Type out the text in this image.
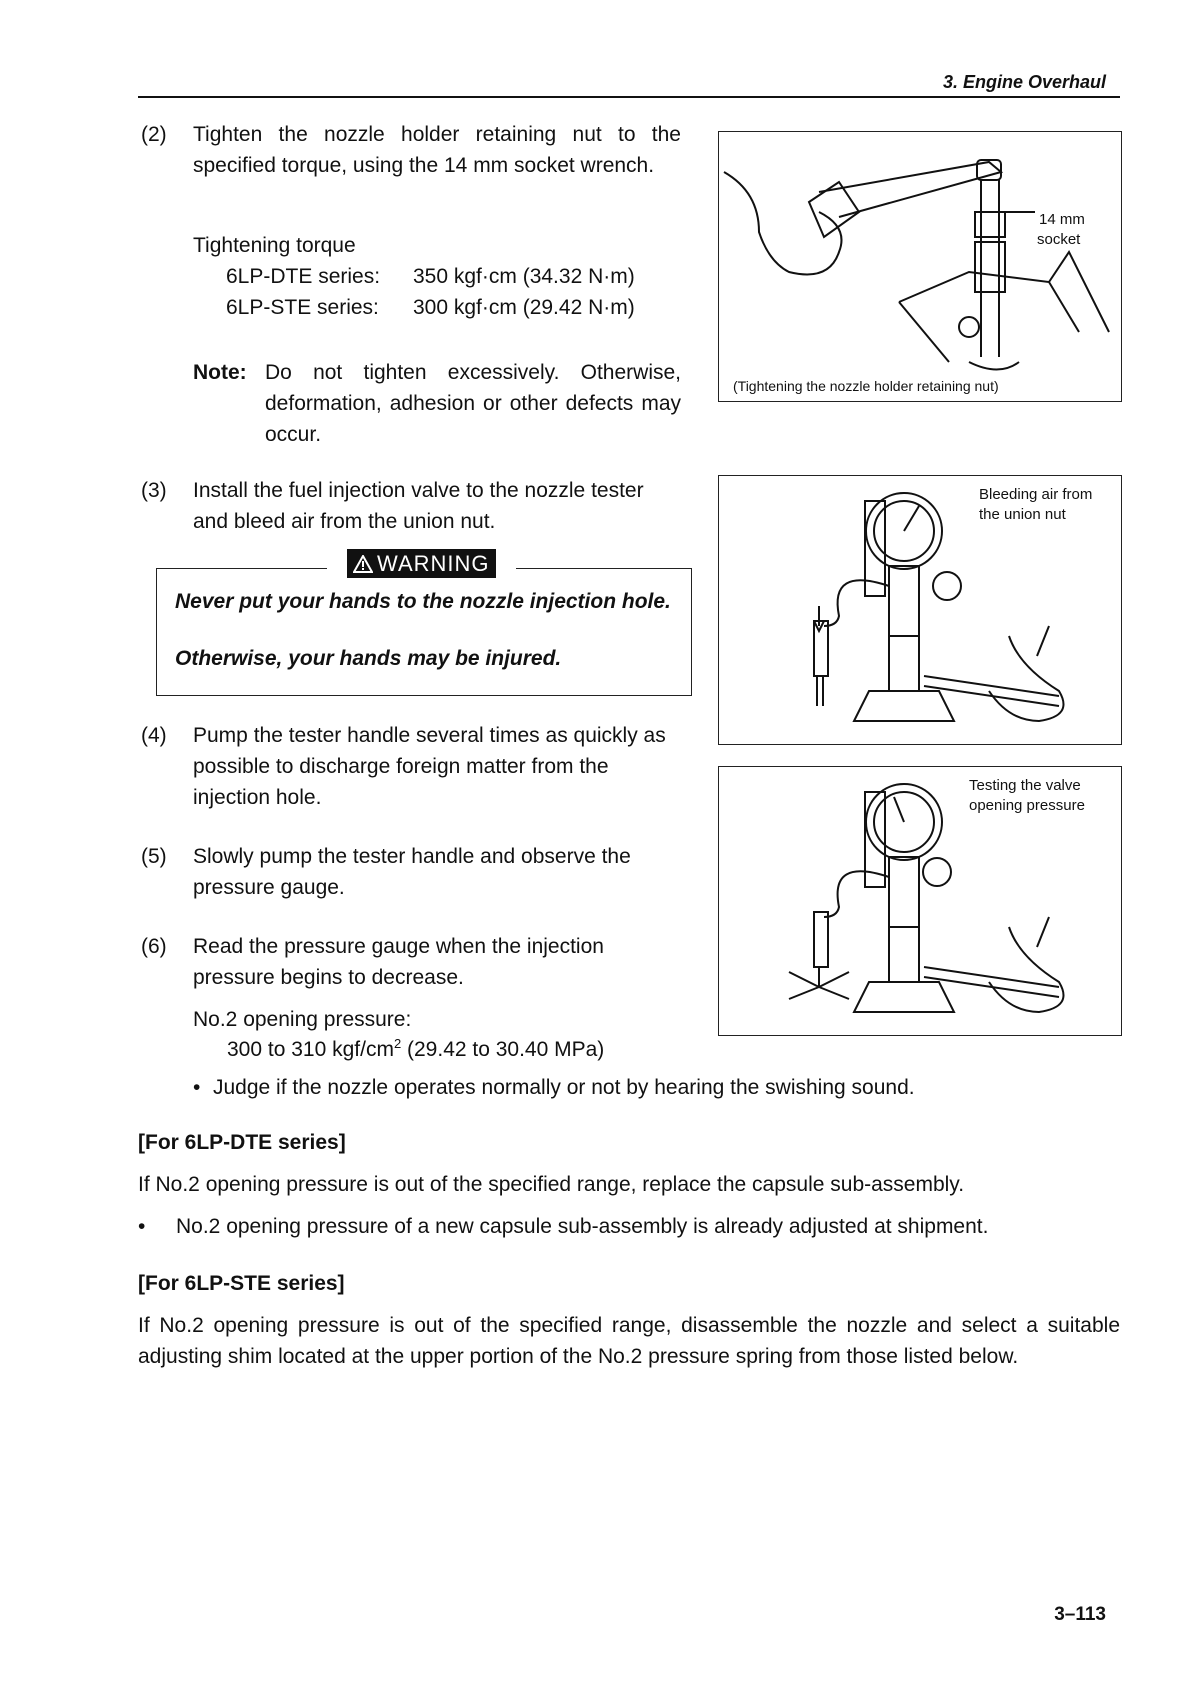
3. Engine Overhaul
(2) Tighten the nozzle holder retaining nut to the specified torque, using the 14 mm socket wrench.
Tightening torque
6LP-DTE series: 350 kgf·cm (34.32 N·m)
6LP-STE series: 300 kgf·cm (29.42 N·m)
Note: Do not tighten excessively. Otherwise, deformation, adhesion or other defects may occur.
14 mm
socket
(Tightening the nozzle holder retaining nut)
(3) Install the fuel injection valve to the nozzle tester and bleed air from the union nut.
WARNING
Never put your hands to the nozzle injection hole.
Otherwise, your hands may be injured.
Bleeding air from
the union nut
(4) Pump the tester handle several times as quickly as possible to discharge foreign matter from the injection hole.
Testing the valve
opening pressure
(5) Slowly pump the tester handle and observe the pressure gauge.
(6) Read the pressure gauge when the injection pressure begins to decrease.
No.2 opening pressure:
300 to 310 kgf/$cm^2$ (29.42 to 30.40 MPa)
• Judge if the nozzle operates normally or not by hearing the swishing sound.
[For 6LP-DTE series]
If No.2 opening pressure is out of the specified range, replace the capsule sub-assembly.
• No.2 opening pressure of a new capsule sub-assembly is already adjusted at shipment.
[For 6LP-STE series]
If No.2 opening pressure is out of the specified range, disassemble the nozzle and select a suitable adjusting shim located at the upper portion of the No.2 pressure spring from those listed below.
3–113
